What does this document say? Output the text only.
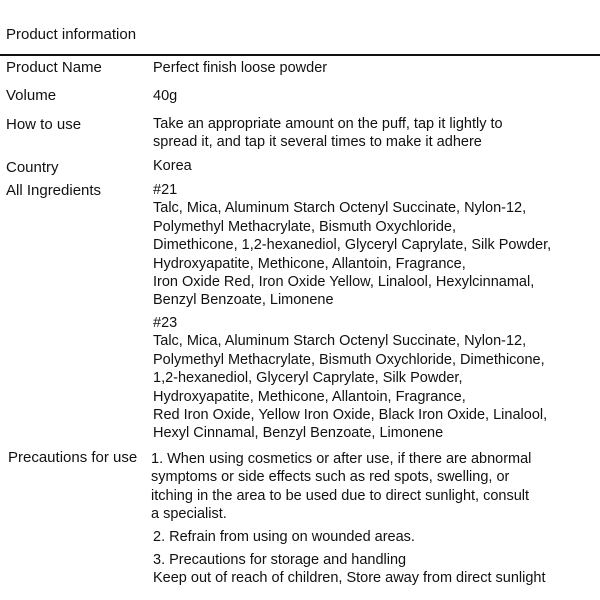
Product information
Product Name	Perfect finish loose powder
Volume	40g
How to use	Take an appropriate amount on the puff, tap it lightly to
spread it, and tap it several times to make it adhere
Country	Korea
All Ingredients	#21
Talc, Mica, Aluminum Starch Octenyl Succinate, Nylon-12,
Polymethyl Methacrylate, Bismuth Oxychloride,
Dimethicone, 1,2-hexanediol, Glyceryl Caprylate, Silk Powder,
Hydroxyapatite, Methicone, Allantoin, Fragrance,
Iron Oxide Red, Iron Oxide Yellow, Linalool, Hexylcinnamal,
Benzyl Benzoate, Limonene
#23
Talc, Mica, Aluminum Starch Octenyl Succinate, Nylon-12,
Polymethyl Methacrylate, Bismuth Oxychloride, Dimethicone,
1,2-hexanediol, Glyceryl Caprylate, Silk Powder,
Hydroxyapatite, Methicone, Allantoin, Fragrance,
Red Iron Oxide, Yellow Iron Oxide, Black Iron Oxide, Linalool,
Hexyl Cinnamal, Benzyl Benzoate, Limonene
Precautions for use 1. When using cosmetics or after use, if there are abnormal
symptoms or side effects such as red spots, swelling, or
itching in the area to be used due to direct sunlight, consult
a specialist.
2. Refrain from using on wounded areas.
3. Precautions for storage and handling
Keep out of reach of children, Store away from direct sunlight
